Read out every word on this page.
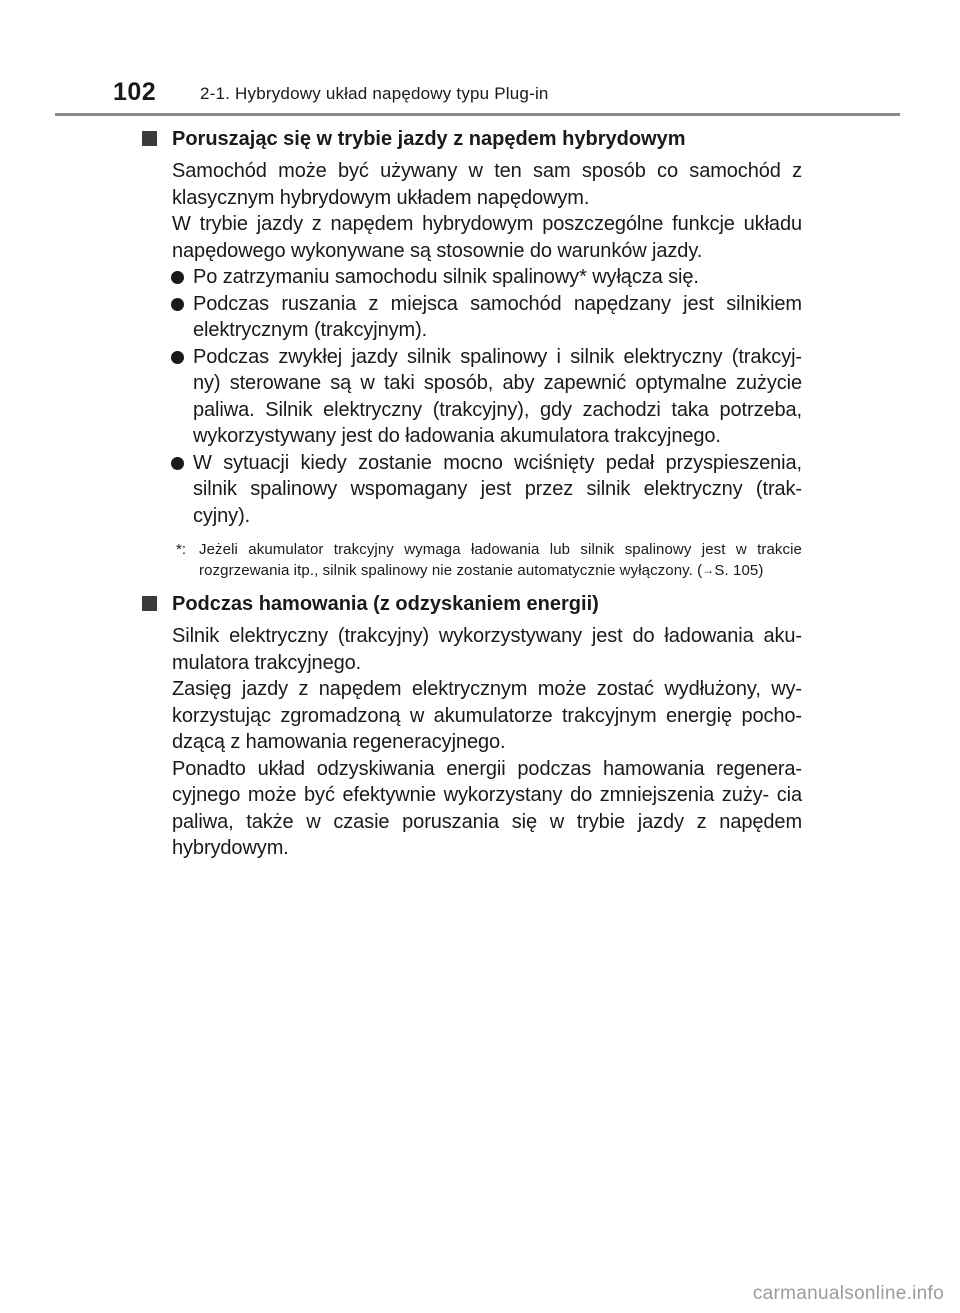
102	2-1. Hybrydowy układ napędowy typu Plug-in
Poruszając się w trybie jazdy z napędem hybrydowym
Samochód może być używany w ten sam sposób co samochód z klasycznym hybrydowym układem napędowym.
W trybie jazdy z napędem hybrydowym poszczególne funkcje układu napędowego wykonywane są stosownie do warunków jazdy.
Po zatrzymaniu samochodu silnik spalinowy* wyłącza się.
Podczas ruszania z miejsca samochód napędzany jest silnikiem elektrycznym (trakcyjnym).
Podczas zwykłej jazdy silnik spalinowy i silnik elektryczny (trakcyj- ny) sterowane są w taki sposób, aby zapewnić optymalne zużycie paliwa. Silnik elektryczny (trakcyjny), gdy zachodzi taka potrzeba, wykorzystywany jest do ładowania akumulatora trakcyjnego.
W sytuacji kiedy zostanie mocno wciśnięty pedał przyspieszenia, silnik spalinowy wspomagany jest przez silnik elektryczny (trak- cyjny).
*: Jeżeli akumulator trakcyjny wymaga ładowania lub silnik spalinowy jest w trakcie rozgrzewania itp., silnik spalinowy nie zostanie automatycznie wyłączony. (→S. 105)
Podczas hamowania (z odzyskaniem energii)
Silnik elektryczny (trakcyjny) wykorzystywany jest do ładowania aku- mulatora trakcyjnego.
Zasięg jazdy z napędem elektrycznym może zostać wydłużony, wy- korzystując zgromadzoną w akumulatorze trakcyjnym energię pocho- dzącą z hamowania regeneracyjnego.
Ponadto układ odzyskiwania energii podczas hamowania regenera- cyjnego może być efektywnie wykorzystany do zmniejszenia zuży- cia paliwa, także w czasie poruszania się w trybie jazdy z napędem hybrydowym.
carmanualsonline.info
